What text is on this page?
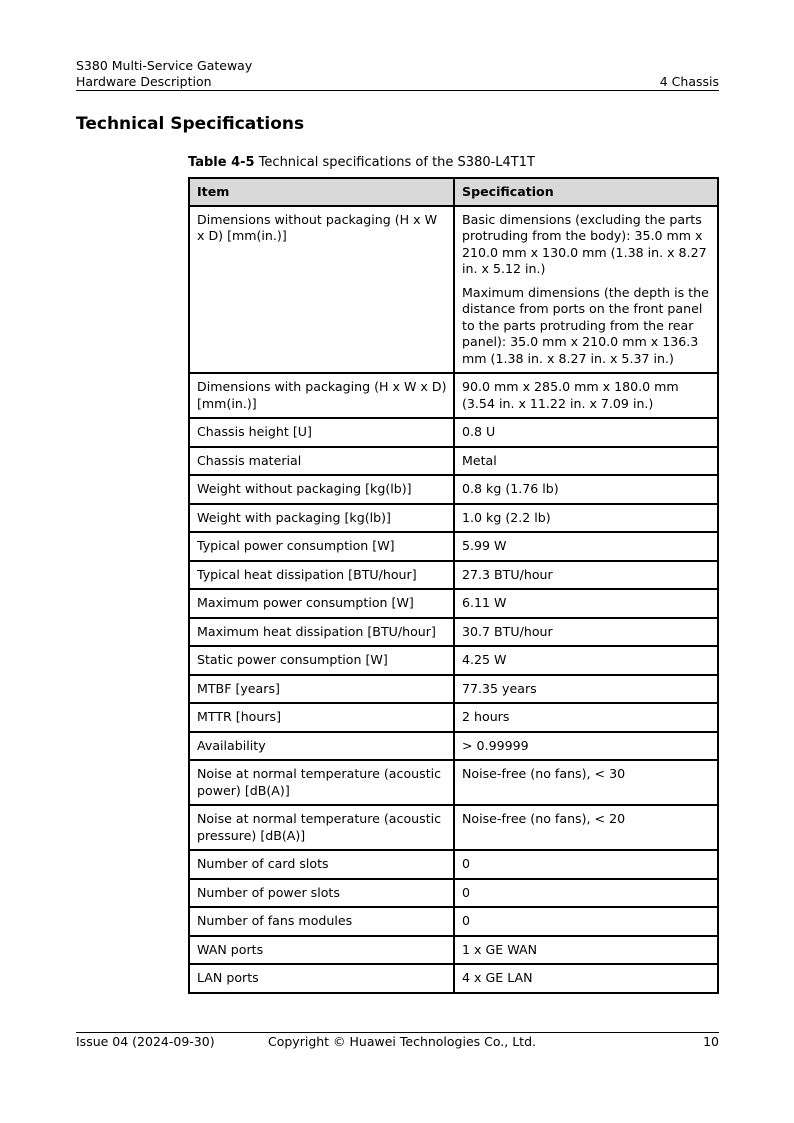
S380 Multi-Service Gateway
Hardware Description	4 Chassis
Technical Specifications
Table 4-5 Technical specifications of the S380-L4T1T
Item	Specification
Dimensions without packaging (H x W x D) [mm(in.)]	Basic dimensions (excluding the parts protruding from the body): 35.0 mm x 210.0 mm x 130.0 mm (1.38 in. x 8.27 in. x 5.12 in.)

Maximum dimensions (the depth is the distance from ports on the front panel to the parts protruding from the rear panel): 35.0 mm x 210.0 mm x 136.3 mm (1.38 in. x 8.27 in. x 5.37 in.)

Dimensions with packaging (H x W x D) [mm(in.)]	90.0 mm x 285.0 mm x 180.0 mm (3.54 in. x 11.22 in. x 7.09 in.)
Chassis height [U]	0.8 U
Chassis material	Metal
Weight without packaging [kg(lb)]	0.8 kg (1.76 lb)
Weight with packaging [kg(lb)]	1.0 kg (2.2 lb)
Typical power consumption [W]	5.99 W
Typical heat dissipation [BTU/hour]	27.3 BTU/hour
Maximum power consumption [W]	6.11 W
Maximum heat dissipation [BTU/hour]	30.7 BTU/hour
Static power consumption [W]	4.25 W
MTBF [years]	77.35 years
MTTR [hours]	2 hours
Availability	> 0.99999
Noise at normal temperature (acoustic power) [dB(A)]	Noise-free (no fans), < 30
Noise at normal temperature (acoustic pressure) [dB(A)]	Noise-free (no fans), < 20
Number of card slots	0
Number of power slots	0
Number of fans modules	0
WAN ports	1 x GE WAN
LAN ports	4 x GE LAN
Issue 04 (2024-09-30)	Copyright © Huawei Technologies Co., Ltd.	10
